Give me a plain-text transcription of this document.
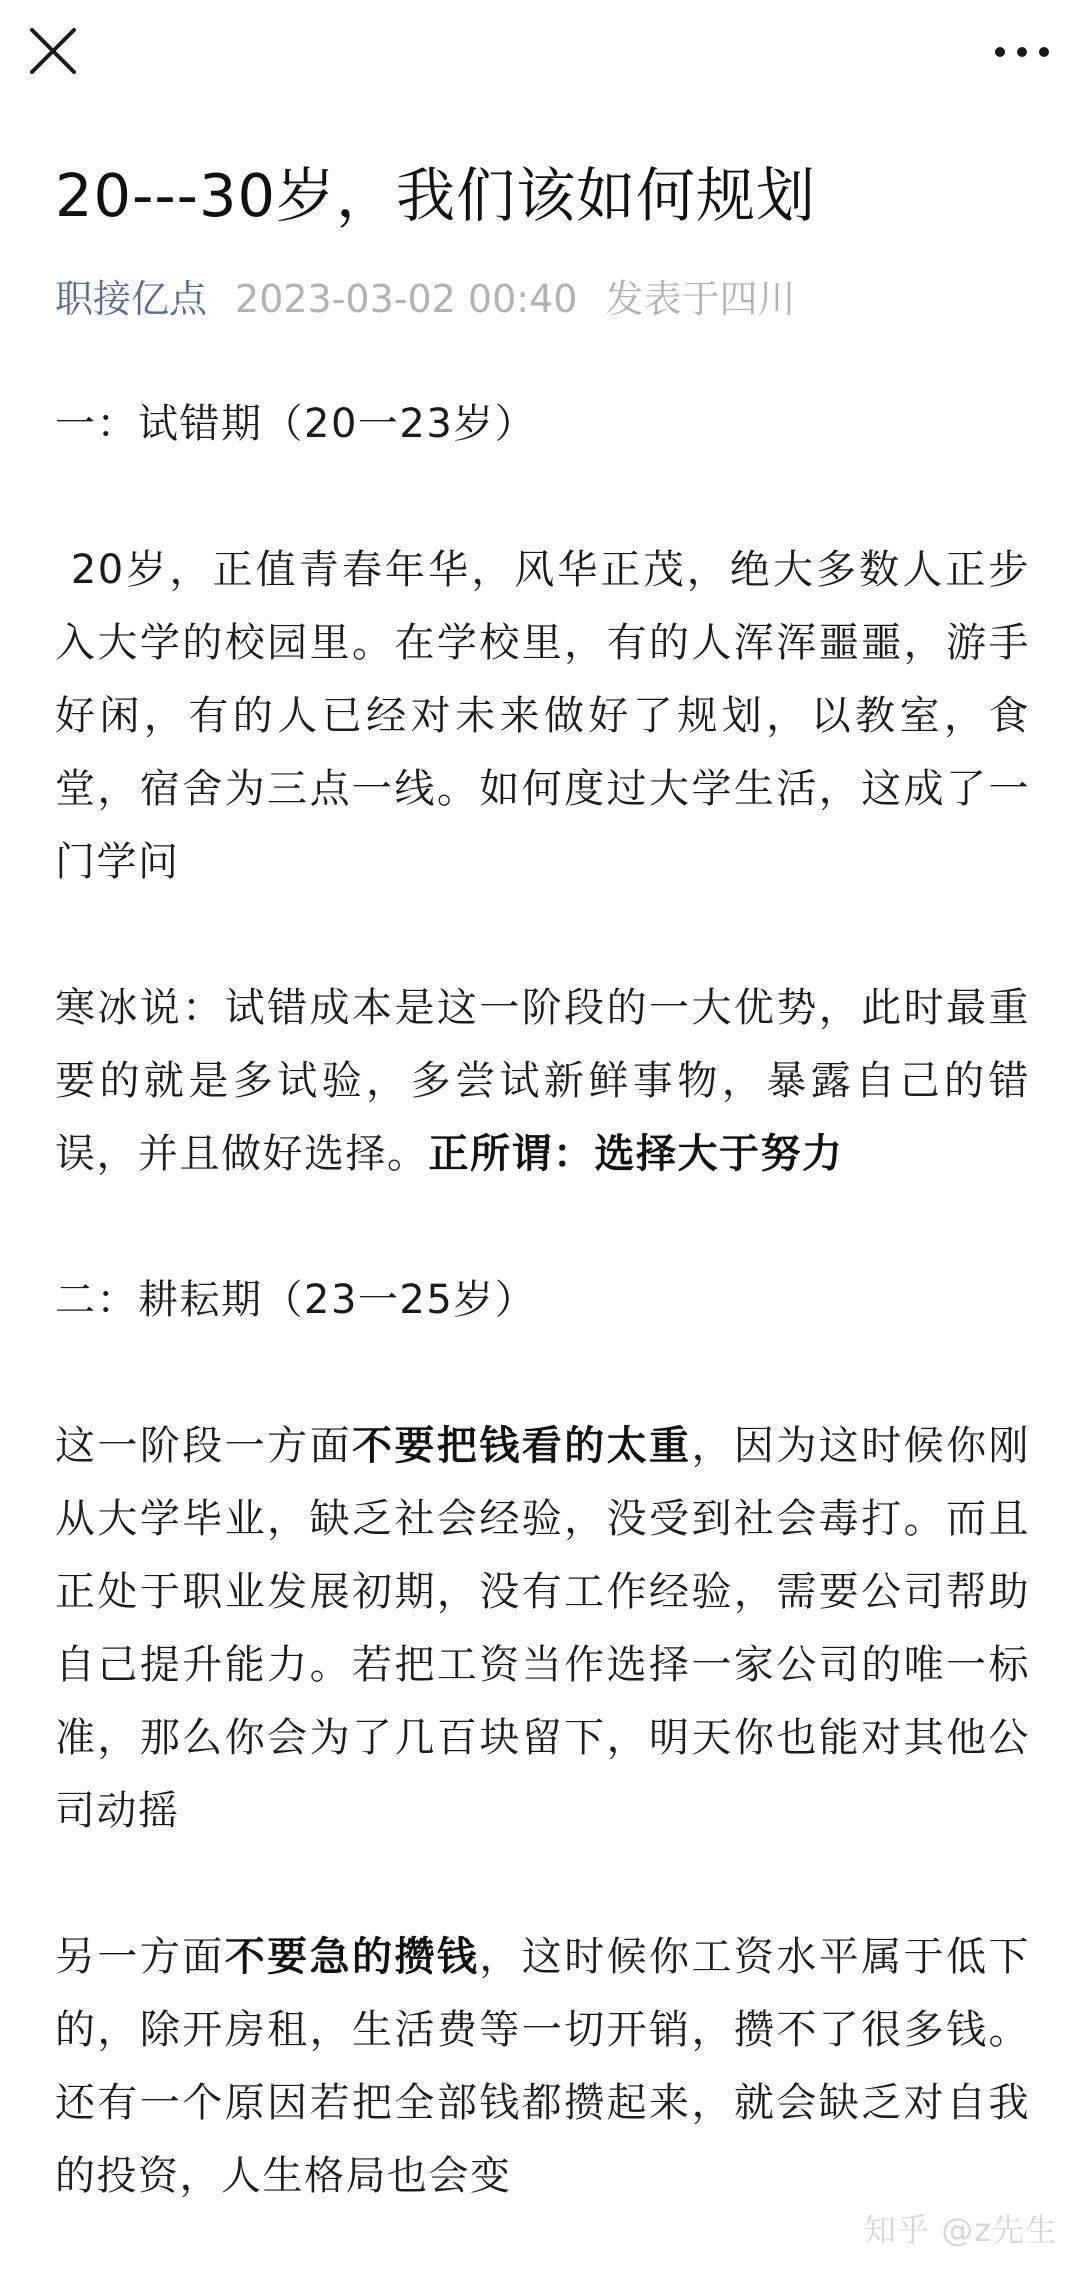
20---30岁，我们该如何规划
职接亿点 2023-03-02 00:40 发表于四川

一：试错期（20一23岁）

20岁，正值青春年华，风华正茂，绝大多数人正步入大学的校园里。在学校里，有的人浑浑噩噩，游手好闲，有的人已经对未来做好了规划，以教室，食堂，宿舍为三点一线。如何度过大学生活，这成了一门学问

寒冰说：试错成本是这一阶段的一大优势，此时最重要的就是多试验，多尝试新鲜事物，暴露自己的错误，并且做好选择。正所谓：选择大于努力

二：耕耘期（23一25岁）

这一阶段一方面不要把钱看的太重，因为这时候你刚从大学毕业，缺乏社会经验，没受到社会毒打。而且正处于职业发展初期，没有工作经验，需要公司帮助自己提升能力。若把工资当作选择一家公司的唯一标准，那么你会为了几百块留下，明天你也能对其他公司动摇

另一方面不要急的攒钱，这时候你工资水平属于低下的，除开房租，生活费等一切开销，攒不了很多钱。还有一个原因若把全部钱都攒起来，就会缺乏对自我的投资，人生格局也会变

知乎 @z先生
